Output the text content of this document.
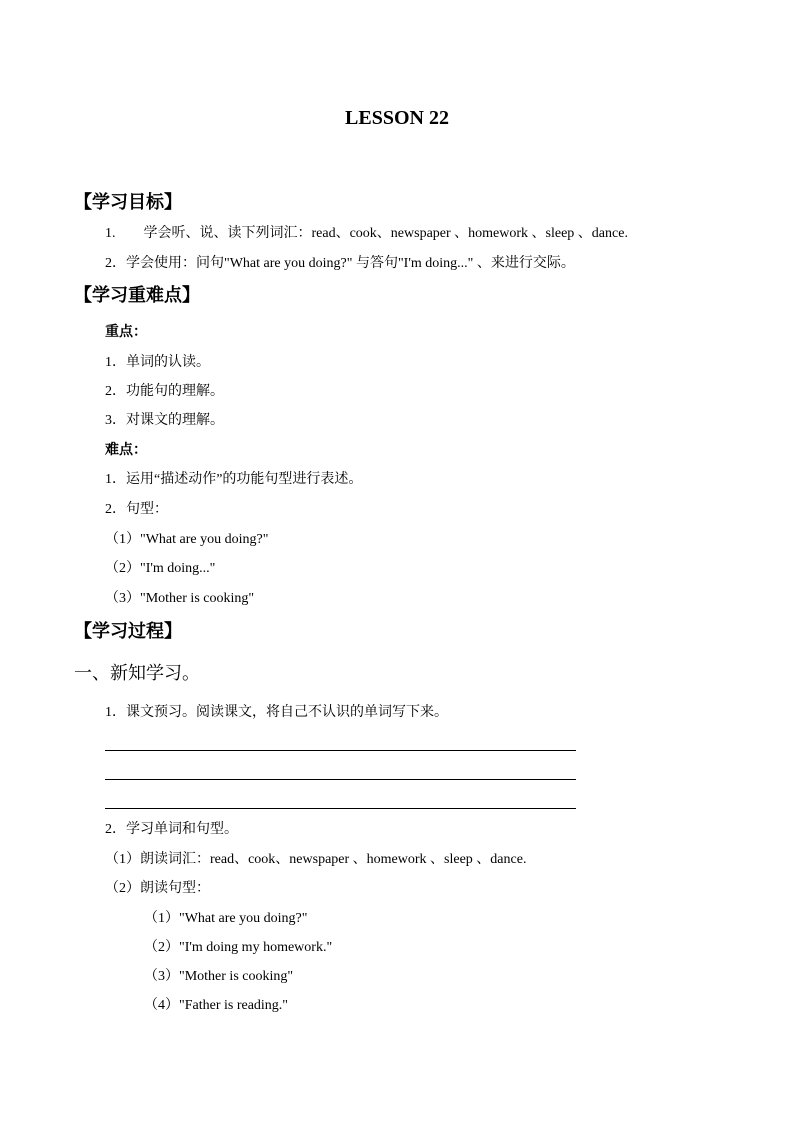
LESSON 22
【学习目标】
1.　　学会听、说、读下列词汇：read、cook、newspaper 、homework 、sleep 、dance.
2．学会使用：问句"What are you doing?" 与答句"I'm doing..." 、来进行交际。
【学习重难点】
重点：
1．单词的认读。
2．功能句的理解。
3．对课文的理解。
难点：
1．运用“描述动作”的功能句型进行表述。
2．句型：
（1）"What are you doing?"
（2）"I'm doing..."
（3）"Mother is cooking"
【学习过程】
一、新知学习。
1．课文预习。阅读课文，将自己不认识的单词写下来。
2．学习单词和句型。
（1）朗读词汇：read、cook、newspaper 、homework 、sleep 、dance.
（2）朗读句型：
（1）"What are you doing?"
（2）"I'm doing my homework."
（3）"Mother is cooking"
（4）"Father is reading."
